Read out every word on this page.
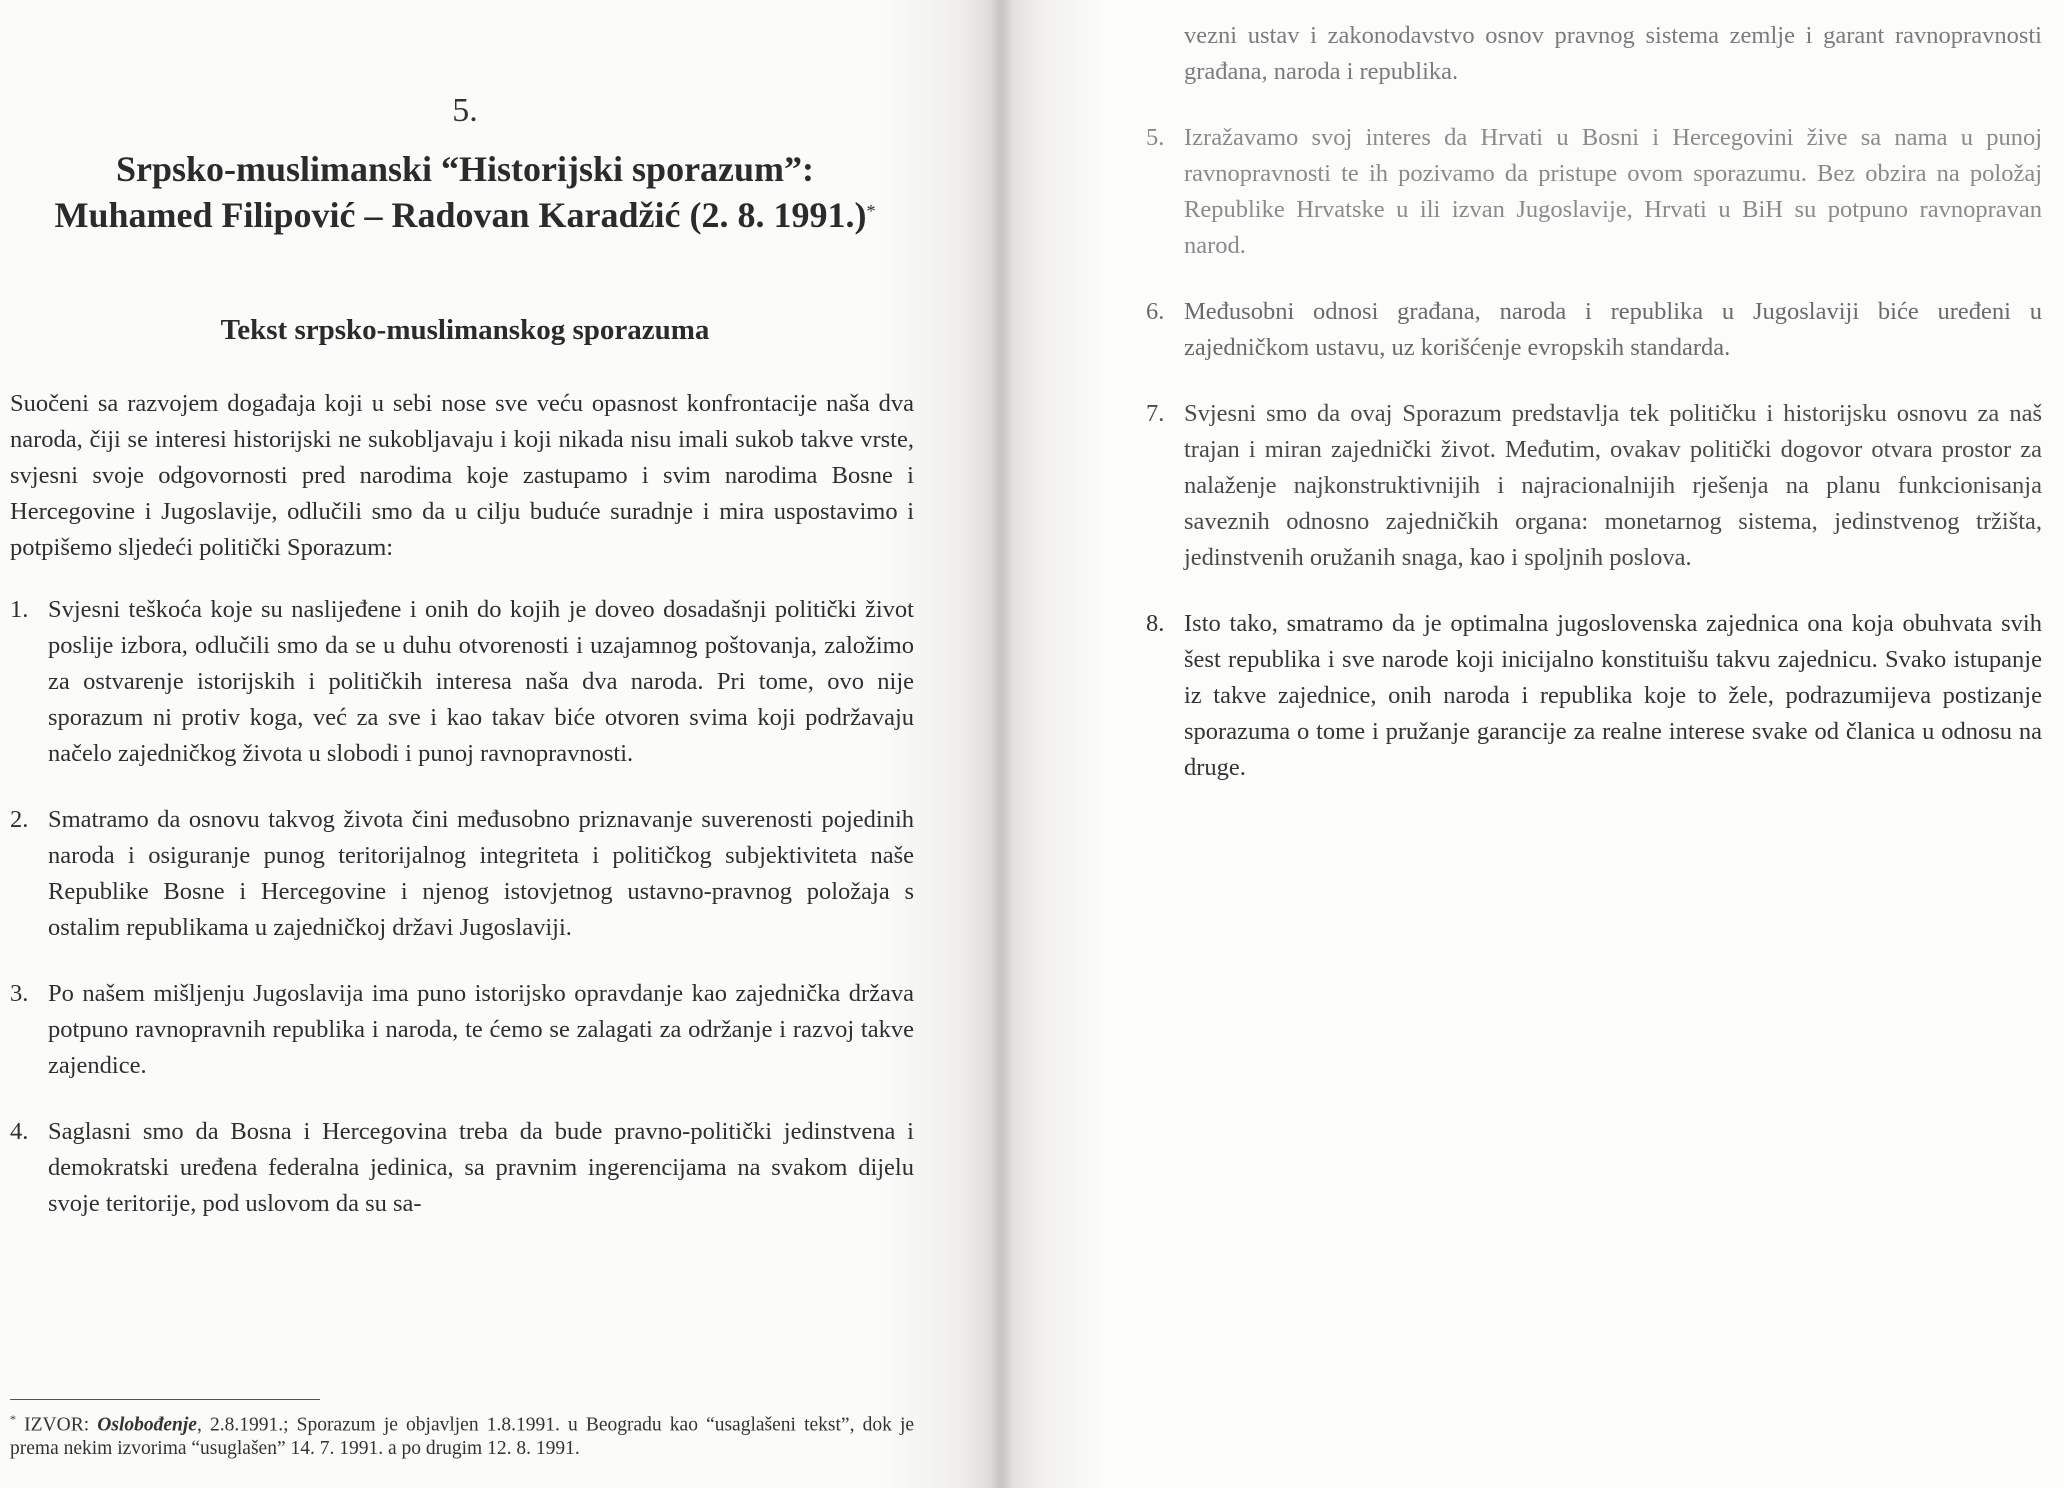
5.
Srpsko-muslimanski “Historijski sporazum”:
Muhamed Filipović – Radovan Karadžić (2. 8. 1991.)*
Tekst srpsko-muslimanskog sporazuma

Suočeni sa razvojem događaja koji u sebi nose sve veću opasnost konfrontacije naša dva naroda, čiji se interesi historijski ne sukobljavaju i koji nikada nisu imali sukob takve vrste, svjesni svoje odgovornosti pred narodima koje zastupamo i svim narodima Bosne i Hercegovine i Jugoslavije, odlučili smo da u cilju buduće suradnje i mira uspostavimo i potpišemo sljedeći politički Sporazum:

1. Svjesni teškoća koje su naslijeđene i onih do kojih je doveo dosadašnji politički život poslije izbora, odlučili smo da se u duhu otvorenosti i uzajamnog poštovanja, založimo za ostvarenje istorijskih i političkih interesa naša dva naroda. Pri tome, ovo nije sporazum ni protiv koga, već za sve i kao takav biće otvoren svima koji podržavaju načelo zajedničkog života u slobodi i punoj ravnopravnosti.
2. Smatramo da osnovu takvog života čini međusobno priznavanje suverenosti pojedinih naroda i osiguranje punog teritorijalnog integriteta i političkog subjektiviteta naše Republike Bosne i Hercegovine i njenog istovjetnog ustavno-pravnog položaja s ostalim republikama u zajedničkoj državi Jugoslaviji.
3. Po našem mišljenju Jugoslavija ima puno istorijsko opravdanje kao zajednička država potpuno ravnopravnih republika i naroda, te ćemo se zalagati za održanje i razvoj takve zajendice.
4. Saglasni smo da Bosna i Hercegovina treba da bude pravno-politički jedinstvena i demokratski uređena federalna jedinica, sa pravnim ingerencijama na svakom dijelu svoje teritorije, pod uslovom da su sa-
* IZVOR: Oslobođenje, 2.8.1991.; Sporazum je objavljen 1.8.1991. u Beogradu kao “usaglašeni tekst”, dok je prema nekim izvorima “usuglašen” 14. 7. 1991. a po drugim 12. 8. 1991.

vezni ustav i zakonodavstvo osnov pravnog sistema zemlje i garant ravnopravnosti građana, naroda i republika.

5. Izražavamo svoj interes da Hrvati u Bosni i Hercegovini žive sa nama u punoj ravnopravnosti te ih pozivamo da pristupe ovom sporazumu. Bez obzira na položaj Republike Hrvatske u ili izvan Jugoslavije, Hrvati u BiH su potpuno ravnopravan narod.
6. Međusobni odnosi građana, naroda i republika u Jugoslaviji biće uređeni u zajedničkom ustavu, uz korišćenje evropskih standarda.
7. Svjesni smo da ovaj Sporazum predstavlja tek političku i historijsku osnovu za naš trajan i miran zajednički život. Međutim, ovakav politički dogovor otvara prostor za nalaženje najkonstruktivnijih i najracionalnijih rješenja na planu funkcionisanja saveznih odnosno zajedničkih organa: monetarnog sistema, jedinstvenog tržišta, jedinstvenih oružanih snaga, kao i spoljnih poslova.
8. Isto tako, smatramo da je optimalna jugoslovenska zajednica ona koja obuhvata svih šest republika i sve narode koji inicijalno konstituišu takvu zajednicu. Svako istupanje iz takve zajednice, onih naroda i republika koje to žele, podrazumijeva postizanje sporazuma o tome i pružanje garancije za realne interese svake od članica u odnosu na druge.
